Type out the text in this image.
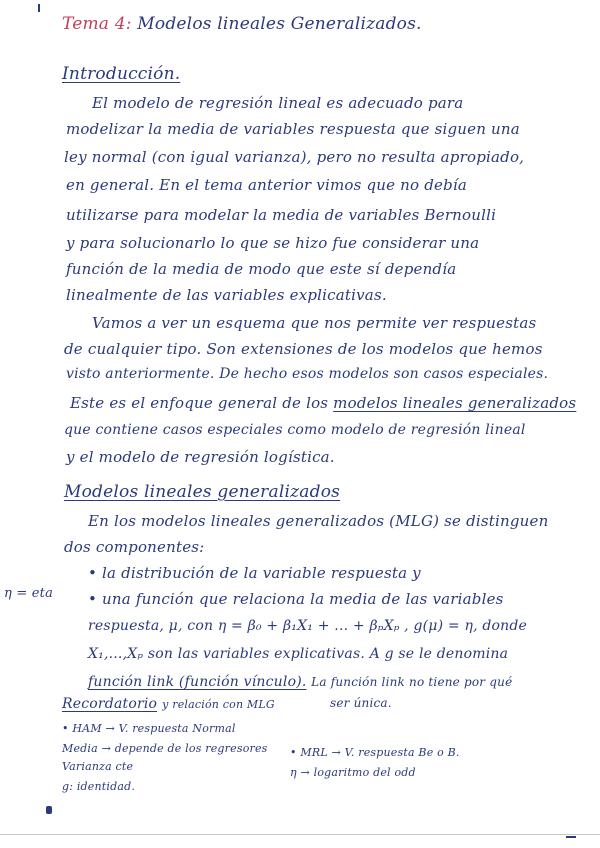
Tema 4: Modelos lineales Generalizados.
Introducción.
El modelo de regresión lineal es adecuado para
modelizar la media de variables respuesta que siguen una
ley normal (con igual varianza), pero no resulta apropiado,
en general. En el tema anterior vimos que no debía
utilizarse para modelar la media de variables Bernoulli
y para solucionarlo lo que se hizo fue considerar una
función de la media de modo que este sí dependía
linealmente de las variables explicativas.
Vamos a ver un esquema que nos permite ver respuestas
de cualquier tipo. Son extensiones de los modelos que hemos
visto anteriormente. De hecho esos modelos son casos especiales.
Este es el enfoque general de los modelos lineales generalizados
que contiene casos especiales como modelo de regresión lineal
y el modelo de regresión logística.
Modelos lineales generalizados
En los modelos lineales generalizados (MLG) se distinguen
dos componentes:
• la distribución de la variable respuesta y
η = eta • una función que relaciona la media de las variables
respuesta, μ, con η = β₀ + β₁X₁ + ... + βₚXₚ , g(μ) = η, donde
X₁,...,Xₚ son las variables explicativas. A g se le denomina
función link (función vínculo). La función link no tiene por qué
ser única.
Recordatorio y relación con MLG
• HAM → V. respuesta Normal
Media → depende de los regresores
Varianza cte
g: identidad.
• MRL → V. respuesta Be o B.
η → logaritmo del odd
